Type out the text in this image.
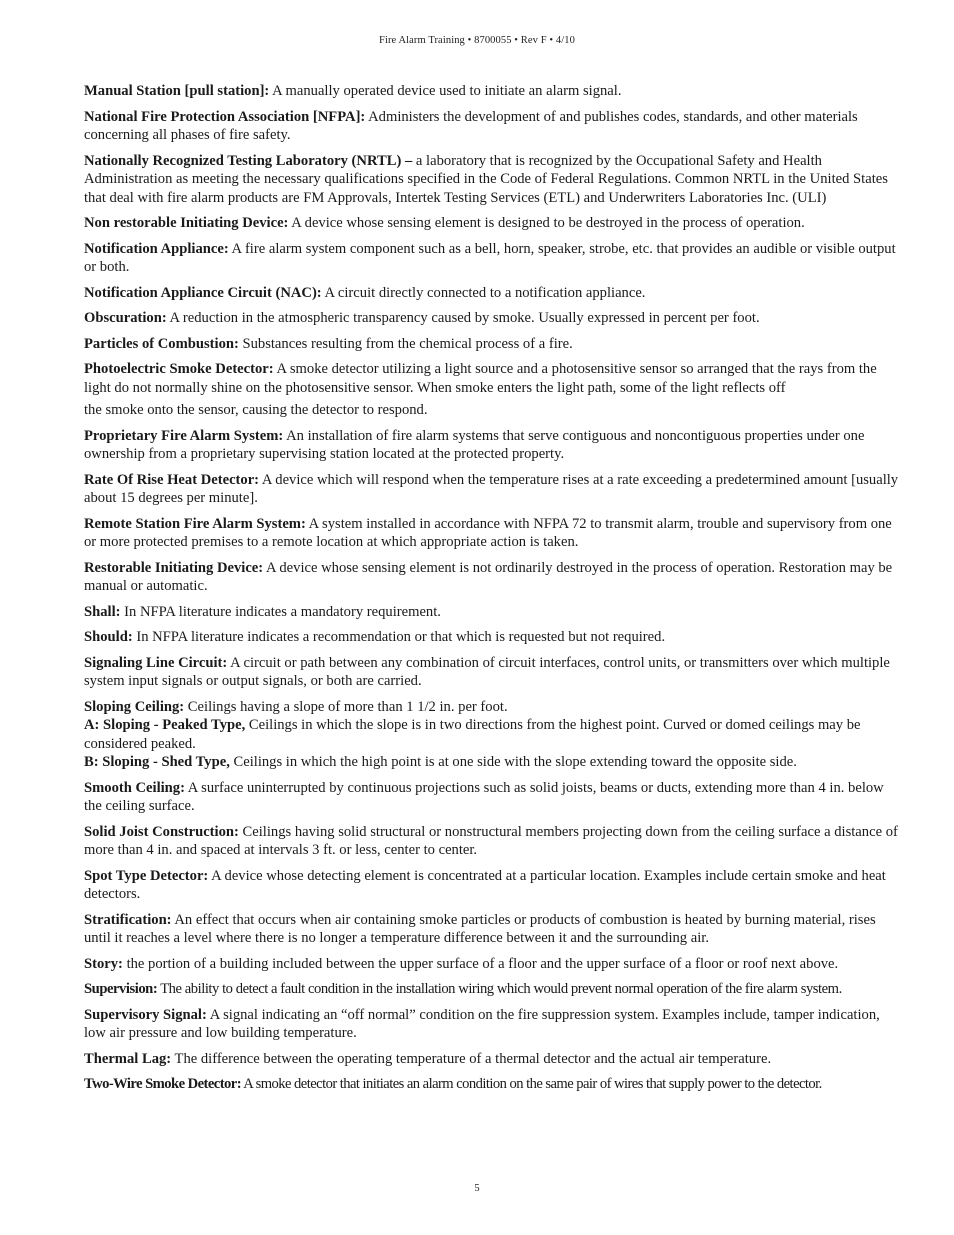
Fire Alarm Training • 8700055 • Rev F • 4/10

Manual Station [pull station]: A manually operated device used to initiate an alarm signal.

National Fire Protection Association [NFPA]: Administers the development of and publishes codes, standards, and other materials concerning all phases of fire safety.

Nationally Recognized Testing Laboratory (NRTL) – a laboratory that is recognized by the Occupational Safety and Health Administration as meeting the necessary qualifications specified in the Code of Federal Regulations. Common NRTL in the United States that deal with fire alarm products are FM Approvals, Intertek Testing Services (ETL) and Underwriters Laboratories Inc. (ULI)

Non restorable Initiating Device: A device whose sensing element is designed to be destroyed in the process of operation.

Notification Appliance: A fire alarm system component such as a bell, horn, speaker, strobe, etc. that provides an audible or visible output or both.

Notification Appliance Circuit (NAC): A circuit directly connected to a notification appliance.

Obscuration: A reduction in the atmospheric transparency caused by smoke. Usually expressed in percent per foot.

Particles of Combustion: Substances resulting from the chemical process of a fire.

Photoelectric Smoke Detector: A smoke detector utilizing a light source and a photosensitive sensor so arranged that the rays from the light do not normally shine on the photosensitive sensor. When smoke enters the light path, some of the light reflects off
the smoke onto the sensor, causing the detector to respond.

Proprietary Fire Alarm System: An installation of fire alarm systems that serve contiguous and noncontiguous properties under one ownership from a proprietary supervising station located at the protected property.

Rate Of Rise Heat Detector: A device which will respond when the temperature rises at a rate exceeding a predetermined amount [usually about 15 degrees per minute].

Remote Station Fire Alarm System: A system installed in accordance with NFPA 72 to transmit alarm, trouble and supervisory from one or more protected premises to a remote location at which appropriate action is taken.

Restorable Initiating Device: A device whose sensing element is not ordinarily destroyed in the process of operation. Restoration may be manual or automatic.

Shall: In NFPA literature indicates a mandatory requirement.

Should: In NFPA literature indicates a recommendation or that which is requested but not required.

Signaling Line Circuit: A circuit or path between any combination of circuit interfaces, control units, or transmitters over which multiple system input signals or output signals, or both are carried.

Sloping Ceiling: Ceilings having a slope of more than 1 1/2 in. per foot.

A: Sloping - Peaked Type, Ceilings in which the slope is in two directions from the highest point. Curved or domed ceilings may be considered peaked.

B: Sloping - Shed Type, Ceilings in which the high point is at one side with the slope extending toward the opposite side.

Smooth Ceiling: A surface uninterrupted by continuous projections such as solid joists, beams or ducts, extending more than 4 in. below the ceiling surface.

Solid Joist Construction: Ceilings having solid structural or nonstructural members projecting down from the ceiling surface a distance of more than 4 in. and spaced at intervals 3 ft. or less, center to center.

Spot Type Detector: A device whose detecting element is concentrated at a particular location. Examples include certain smoke and heat detectors.

Stratification: An effect that occurs when air containing smoke particles or products of combustion is heated by burning material, rises until it reaches a level where there is no longer a temperature difference between it and the surrounding air.

Story: the portion of a building included between the upper surface of a floor and the upper surface of a floor or roof next above.

Supervision: The ability to detect a fault condition in the installation wiring which would prevent normal operation of the fire alarm system.

Supervisory Signal: A signal indicating an “off normal” condition on the fire suppression system. Examples include, tamper indication, low air pressure and low building temperature.

Thermal Lag: The difference between the operating temperature of a thermal detector and the actual air temperature.

Two-Wire Smoke Detector: A smoke detector that initiates an alarm condition on the same pair of wires that supply power to the detector.

5
